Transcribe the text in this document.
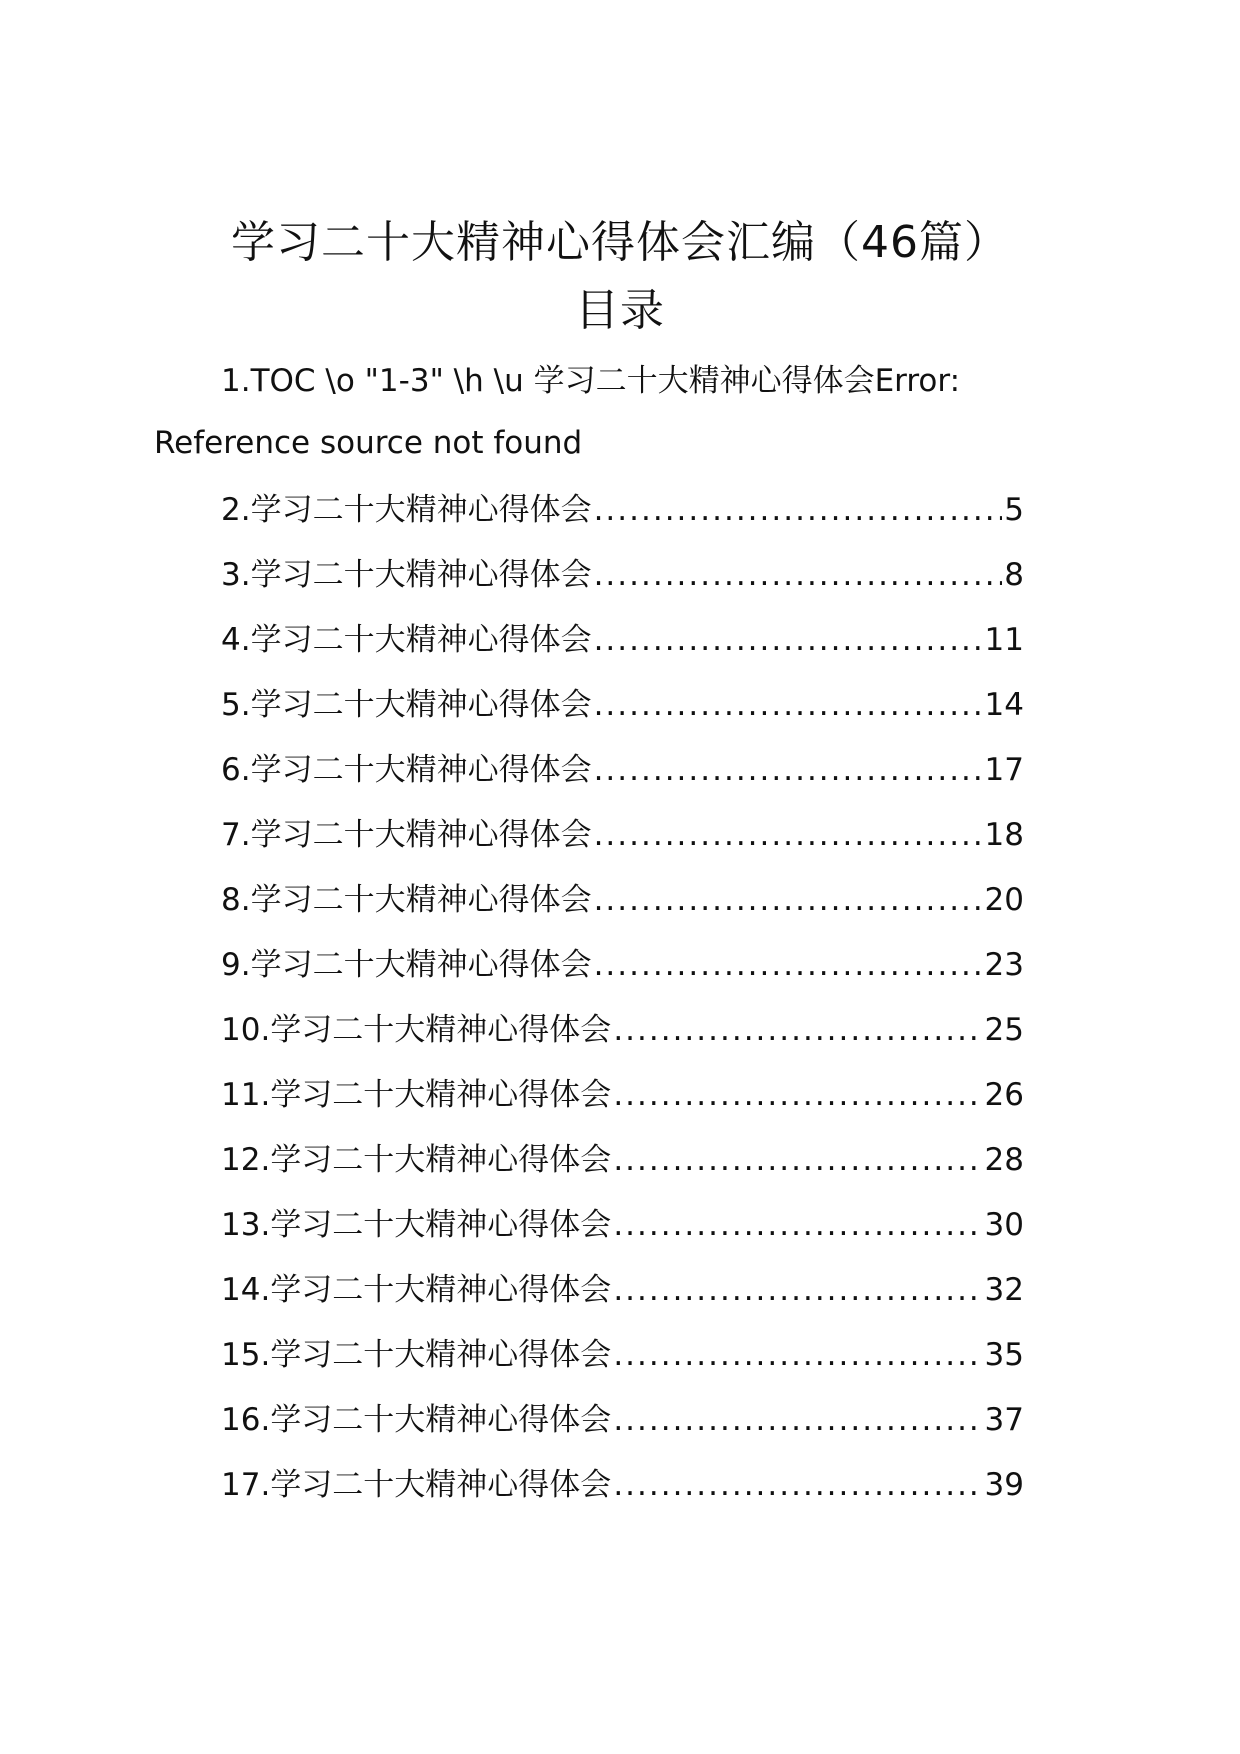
学习二十大精神心得体会汇编（46篇）
目录
1.TOC \o "1-3" \h \u 学习二十大精神心得体会Error: Reference source not found
2. 学习二十大精神心得体会 .....	5
3. 学习二十大精神心得体会 .....	8
4. 学习二十大精神心得体会 .....	11
5. 学习二十大精神心得体会 .....	14
6. 学习二十大精神心得体会 .....	17
7. 学习二十大精神心得体会 .....	18
8. 学习二十大精神心得体会 .....	20
9. 学习二十大精神心得体会 .....	23
10. 学习二十大精神心得体会 .....	25
11. 学习二十大精神心得体会 .....	26
12. 学习二十大精神心得体会 .....	28
13. 学习二十大精神心得体会 .....	30
14. 学习二十大精神心得体会 .....	32
15. 学习二十大精神心得体会 .....	35
16. 学习二十大精神心得体会 .....	37
17. 学习二十大精神心得体会 .....	39
